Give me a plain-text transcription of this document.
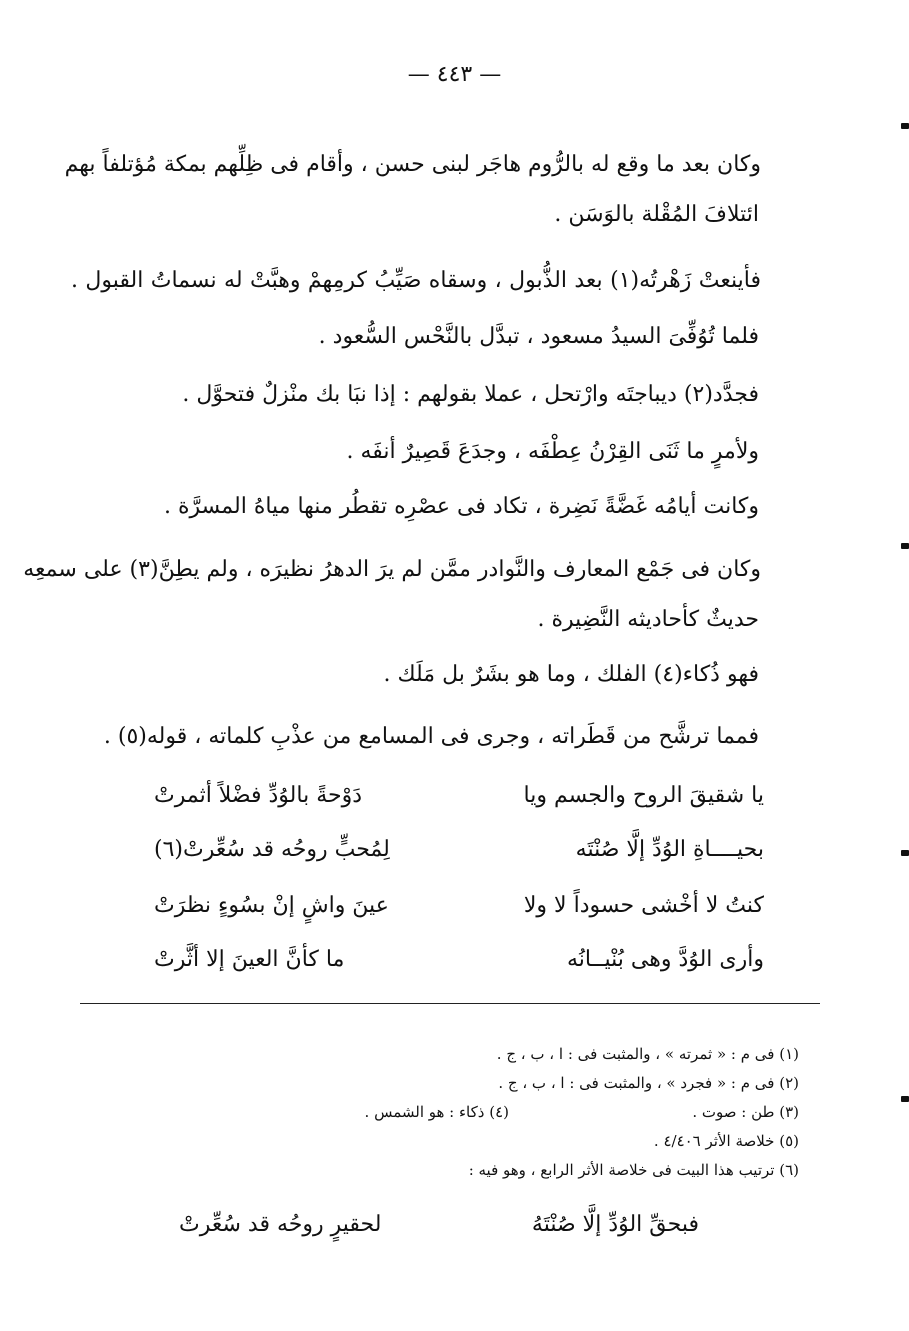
— ٤٤٣ —
وكان بعد ما وقع له بالرُّوم هاجَر لبنى حسن ، وأقام فى ظِلِّهم بمكة مُؤتلفاً بهم
ائتلافَ المُقْلة بالوَسَن .
فأينعتْ زَهْرتُه(١) بعد الذُّبول ، وسقاه صَيِّبُ كرمِهمْ وهبَّتْ له نسماتُ القبول .
فلما تُوُفِّىَ السيدُ مسعود ، تبدَّل بالنَّحْس السُّعود .
فجدَّد(٢) ديباجتَه وارْتحل ، عملا بقولهم : إذا نبَا بك منْزلٌ فتحوَّل .
ولأمرٍ ما ثَنَى القِرْنُ عِطْفَه ، وجدَعَ قَصِيرٌ أنفَه .
وكانت أيامُه غَضَّةً نَضِرة ، تكاد فى عصْرِه تقطُر منها مياهُ المسرَّة .
وكان فى جَمْع المعارف والنَّوادر ممَّن لم يرَ الدهرُ نظيرَه ، ولم يطِنَّ(٣) على سمعِه
حديثٌ كأحاديثه النَّضِيرة .
فهو ذُكاء(٤) الفلك ، وما هو بشَرٌ بل مَلَك .
فمما ترشَّح من قَطَراته ، وجرى فى المسامع من عذْبِ كلماته ، قوله(٥) .
يا شقيقَ الروح والجسم ويا
دَوْحةً بالوُدِّ فضْلاً أثمرتْ
بحيــــاةِ الوُدِّ إلَّا صُنْتَه
لِمُحبٍّ روحُه قد سُعِّرتْ(٦)
كنتُ لا أخْشى حسوداً لا ولا
عينَ واشٍ إنْ بسُوءٍ نظرَتْ
وأرى الوُدَّ وهى بُنْيــانُه
ما كأنَّ العينَ إلا أثَّرتْ
(١) فى م : « ثمرته » ، والمثبت فى : ا ، ب ، ج .
(٢) فى م : « فجرد » ، والمثبت فى : ا ، ب ، ج .
(٣) طن : صوت .
(٤) ذكاء : هو الشمس .
(٥) خلاصة الأثر ٤/٤٠٦ .
(٦) ترتيب هذا البيت فى خلاصة الأثر الرابع ، وهو فيه :
فبحقِّ الوُدِّ إلَّا صُنْتَهُ
لحقيرٍ روحُه قد سُعِّرتْ
